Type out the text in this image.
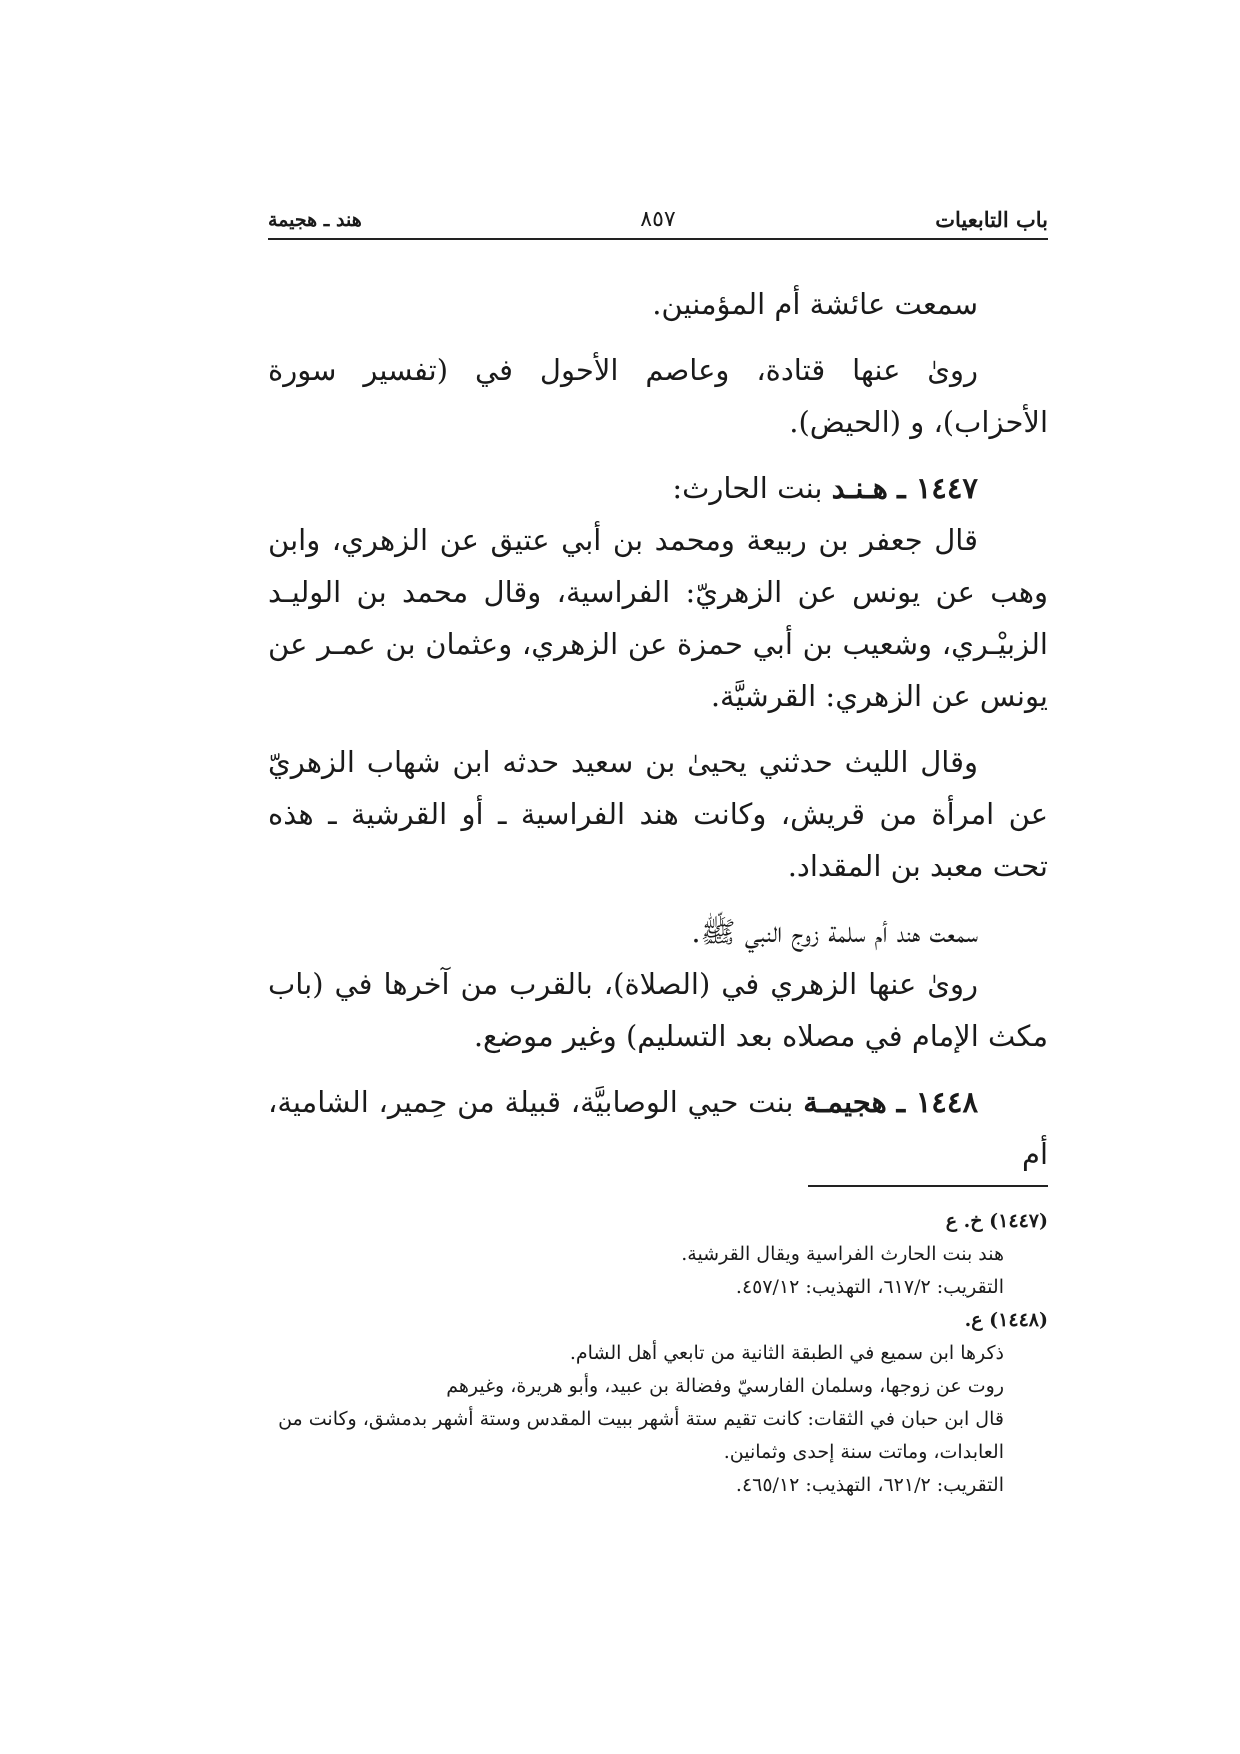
باب التابعيات
٨٥٧
هند ـ هجيمة

سمعت عائشة أم المؤمنين.

روىٰ عنها قتادة، وعاصم الأحول في (تفسير سورة الأحزاب)، و (الحيض).

١٤٤٧ ـ هـنـد بنت الحارث:

قال جعفر بن ربيعة ومحمد بن أبي عتيق عن الزهري، وابن وهب عن يونس عن الزهريّ: الفراسية، وقال محمد بن الوليـد الزبيْـري، وشعيب بن أبي حمزة عن الزهري، وعثمان بن عمـر عن يونس عن الزهري: القرشيَّة.

وقال الليث حدثني يحيىٰ بن سعيد حدثه ابن شهاب الزهريّ عن امرأة من قريش، وكانت هند الفراسية ـ أو القرشية ـ هذه تحت معبد بن المقداد.

سمعت هند أم سلمة زوج النبي ﷺ.

روىٰ عنها الزهري في (الصلاة)، بالقرب من آخرها في (باب مكث الإمام في مصلاه بعد التسليم) وغير موضع.

١٤٤٨ ـ هجيمـة بنت حيي الوصابيَّة، قبيلة من حِمير، الشامية، أم

(١٤٤٧) خ. ع

هند بنت الحارث الفراسية ويقال القرشية.

التقريب: ٦١٧/٢، التهذيب: ٤٥٧/١٢.

(١٤٤٨) ع.

ذكرها ابن سميع في الطبقة الثانية من تابعي أهل الشام.

روت عن زوجها، وسلمان الفارسيّ وفضالة بن عبيد، وأبو هريرة، وغيرهم

قال ابن حبان في الثقات: كانت تقيم ستة أشهر ببيت المقدس وستة أشهر بدمشق، وكانت من العابدات، وماتت سنة إحدى وثمانين.

التقريب: ٦٢١/٢، التهذيب: ٤٦٥/١٢.
